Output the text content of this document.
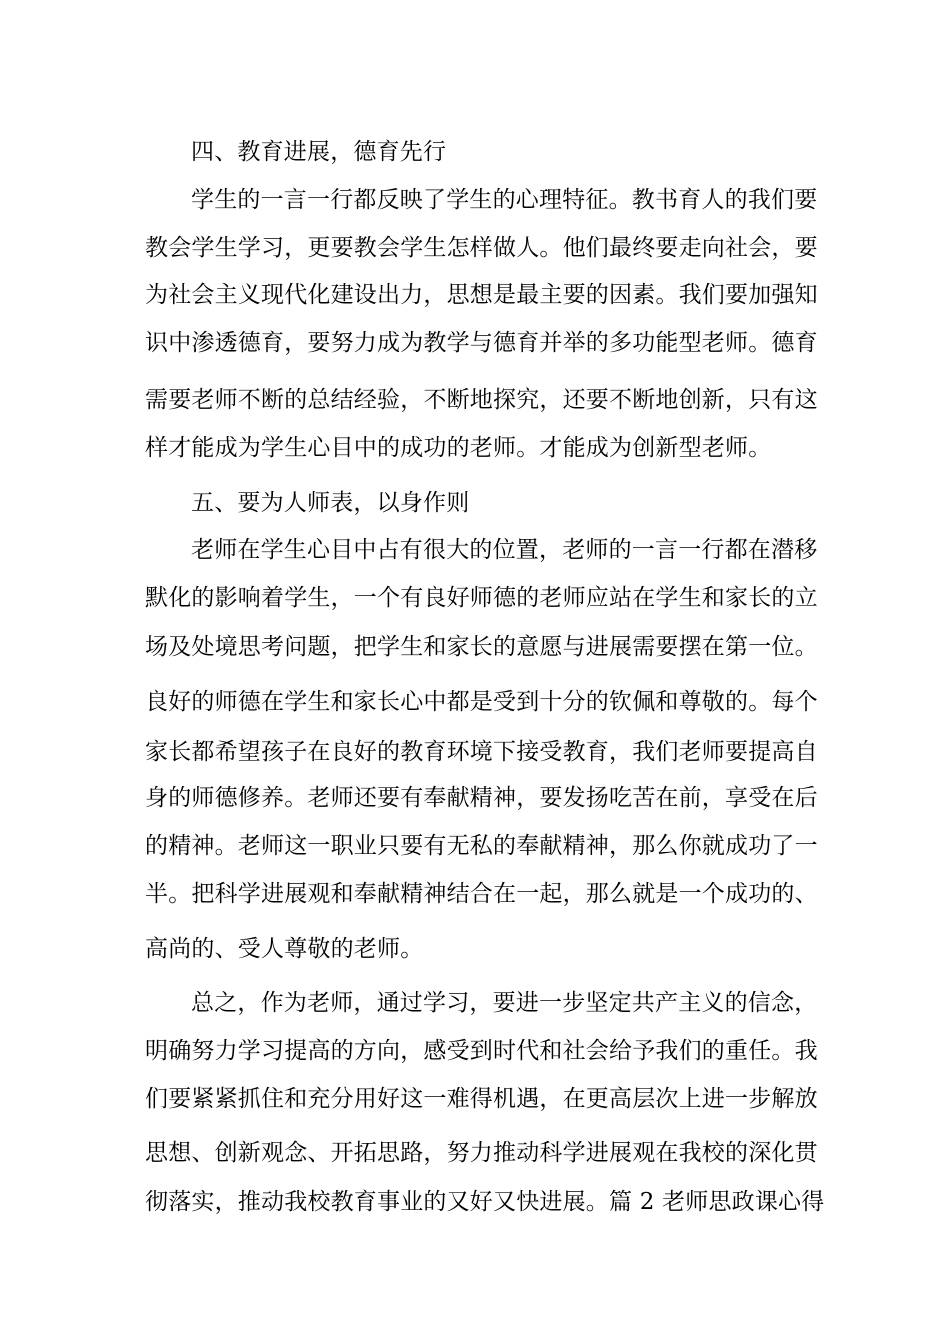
四、教育进展，德育先行
学生的一言一行都反映了学生的心理特征。教书育人的我们要
教会学生学习，更要教会学生怎样做人。他们最终要走向社会，要
为社会主义现代化建设出力，思想是最主要的因素。我们要加强知
识中渗透德育，要努力成为教学与德育并举的多功能型老师。德育
需要老师不断的总结经验，不断地探究，还要不断地创新，只有这
样才能成为学生心目中的成功的老师。才能成为创新型老师。
五、要为人师表，以身作则
老师在学生心目中占有很大的位置，老师的一言一行都在潜移
默化的影响着学生，一个有良好师德的老师应站在学生和家长的立
场及处境思考问题，把学生和家长的意愿与进展需要摆在第一位。
良好的师德在学生和家长心中都是受到十分的钦佩和尊敬的。每个
家长都希望孩子在良好的教育环境下接受教育，我们老师要提高自
身的师德修养。老师还要有奉献精神，要发扬吃苦在前，享受在后
的精神。老师这一职业只要有无私的奉献精神，那么你就成功了一
半。把科学进展观和奉献精神结合在一起，那么就是一个成功的、
高尚的、受人尊敬的老师。
总之，作为老师，通过学习，要进一步坚定共产主义的信念，
明确努力学习提高的方向，感受到时代和社会给予我们的重任。我
们要紧紧抓住和充分用好这一难得机遇，在更高层次上进一步解放
思想、创新观念、开拓思路，努力推动科学进展观在我校的深化贯
彻落实，推动我校教育事业的又好又快进展。篇 2 老师思政课心得
